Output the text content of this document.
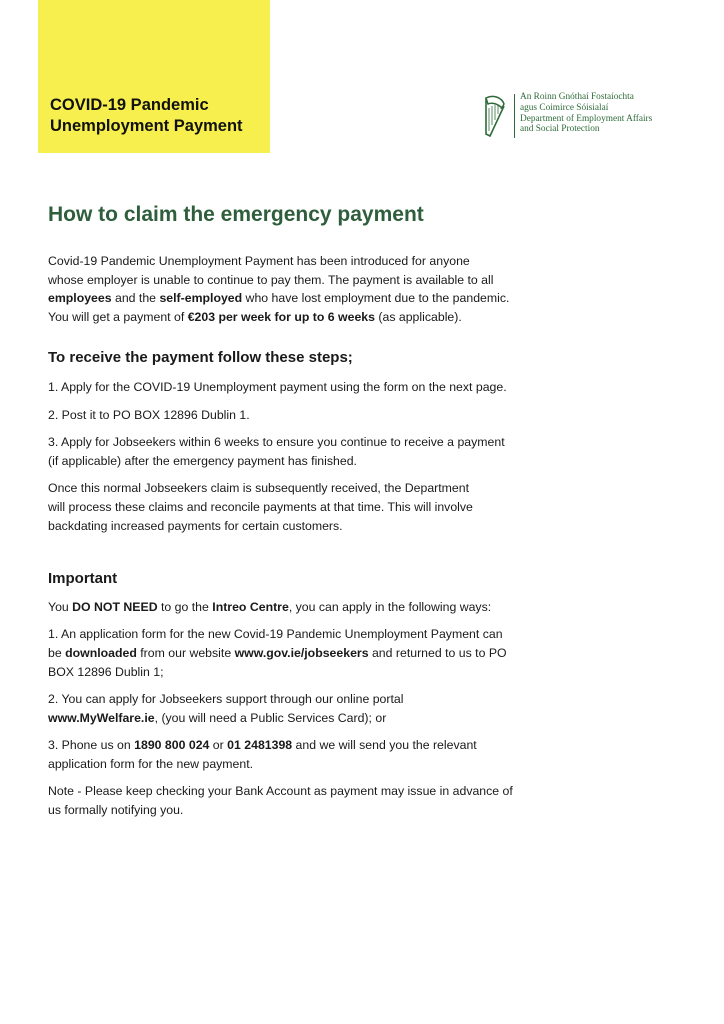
COVID-19 Pandemic
Unemployment Payment
An Roinn Gnóthaí Fostaíochta
agus Coimirce Sóisialaí
Department of Employment Affairs
and Social Protection
How to claim the emergency payment

Covid-19 Pandemic Unemployment Payment has been introduced for anyone
whose employer is unable to continue to pay them. The payment is available to all
employees and the self-employed who have lost employment due to the pandemic.
You will get a payment of €203 per week for up to 6 weeks (as applicable).

To receive the payment follow these steps;

1. Apply for the COVID-19 Unemployment payment using the form on the next page.

2. Post it to PO BOX 12896 Dublin 1.

3. Apply for Jobseekers within 6 weeks to ensure you continue to receive a payment
(if applicable) after the emergency payment has finished.

Once this normal Jobseekers claim is subsequently received, the Department
will process these claims and reconcile payments at that time. This will involve
backdating increased payments for certain customers.

Important

You DO NOT NEED to go the Intreo Centre, you can apply in the following ways:

1. An application form for the new Covid-19 Pandemic Unemployment Payment can
be downloaded from our website www.gov.ie/jobseekers and returned to us to PO
BOX 12896 Dublin 1;

2. You can apply for Jobseekers support through our online portal
www.MyWelfare.ie, (you will need a Public Services Card); or

3. Phone us on 1890 800 024 or 01 2481398 and we will send you the relevant
application form for the new payment.

Note - Please keep checking your Bank Account as payment may issue in advance of
us formally notifying you.
